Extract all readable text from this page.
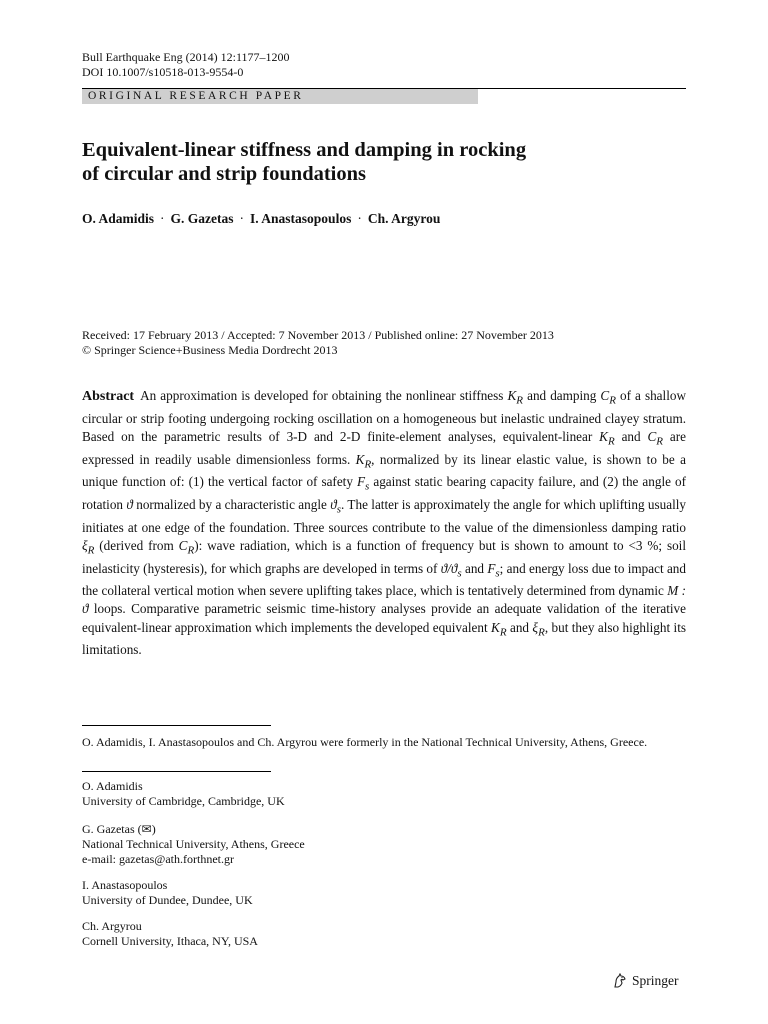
Bull Earthquake Eng (2014) 12:1177–1200
DOI 10.1007/s10518-013-9554-0
ORIGINAL RESEARCH PAPER
Equivalent-linear stiffness and damping in rocking
of circular and strip foundations
O. Adamidis · G. Gazetas · I. Anastasopoulos · Ch. Argyrou
Received: 17 February 2013 / Accepted: 7 November 2013 / Published online: 27 November 2013
© Springer Science+Business Media Dordrecht 2013

Abstract An approximation is developed for obtaining the nonlinear stiffness $K_R$ and damping $C_R$ of a shallow circular or strip footing undergoing rocking oscillation on a homogeneous but inelastic undrained clayey stratum. Based on the parametric results of 3-D and 2-D finite-element analyses, equivalent-linear $K_R$ and $C_R$ are expressed in readily usable dimensionless forms. $K_R$, normalized by its linear elastic value, is shown to be a unique function of: (1) the vertical factor of safety $F_s$ against static bearing capacity failure, and (2) the angle of rotation ϑ normalized by a characteristic angle $ϑ_s$. The latter is approximately the angle for which uplifting usually initiates at one edge of the foundation. Three sources contribute to the value of the dimensionless damping ratio $\xi_R$ (derived from $C_R$): wave radiation, which is a function of frequency but is shown to amount to <3 %; soil inelasticity (hysteresis), for which graphs are developed in terms of $ϑ/ϑ_s$ and $F_s$; and energy loss due to impact and the collateral vertical motion when severe uplifting takes place, which is tentatively determined from dynamic M : ϑ loops. Comparative parametric seismic time-history analyses provide an adequate validation of the iterative equivalent-linear approximation which implements the developed equivalent $K_R$ and $\xi_R$, but they also highlight its limitations.

O. Adamidis, I. Anastasopoulos and Ch. Argyrou were formerly in the National Technical University, Athens, Greece.
O. Adamidis
University of Cambridge, Cambridge, UK
G. Gazetas (✉)
National Technical University, Athens, Greece
e-mail: gazetas@ath.forthnet.gr
I. Anastasopoulos
University of Dundee, Dundee, UK
Ch. Argyrou
Cornell University, Ithaca, NY, USA
Springer
